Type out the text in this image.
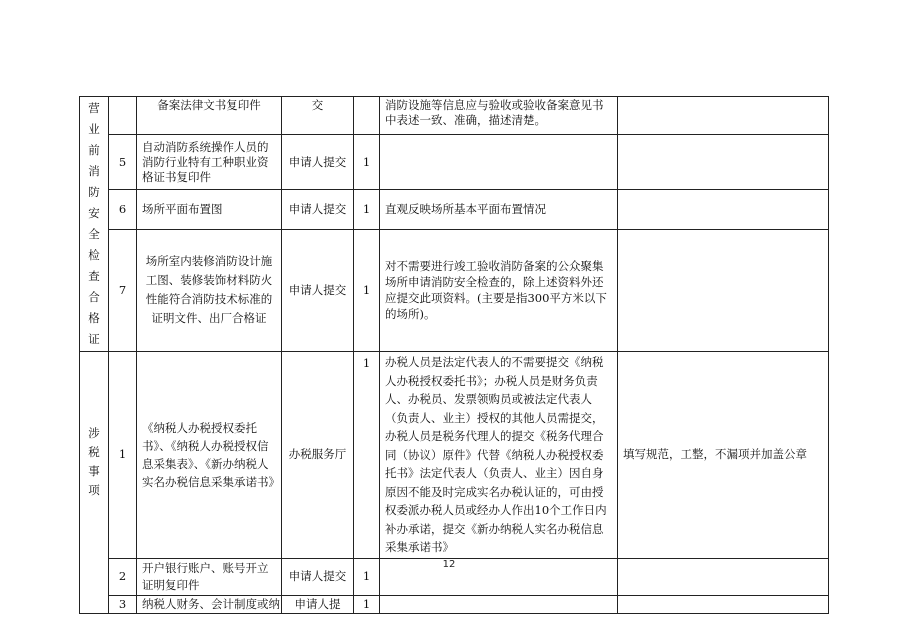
营业前消防安全检查合格证		备案法律文书复印件	交		消防设施等信息应与验收或验收备案意见书中表述一致、准确，描述清楚。	
	5	自动消防系统操作人员的消防行业特有工种职业资格证书复印件	申请人提交	1		
	6	场所平面布置图	申请人提交	1	直观反映场所基本平面布置情况	
	7	场所室内装修消防设计施工图、装修装饰材料防火性能符合消防技术标准的证明文件、出厂合格证	申请人提交	1	对不需要进行竣工验收消防备案的公众聚集场所申请消防安全检查的，除上述资料外还应提交此项资料。(主要是指300平方米以下的场所)。	

涉税事项	1	《纳税人办税授权委托书》、《纳税人办税授权信息采集表》、《新办纳税人实名办税信息采集承诺书》	办税服务厅	1	办税人员是法定代表人的不需要提交《纳税人办税授权委托书》；办税人员是财务负责人、办税员、发票领购员或被法定代表人（负责人、业主）授权的其他人员需提交，办税人员是税务代理人的提交《税务代理合同（协议）原件》代替《纳税人办税授权委托书》法定代表人（负责人、业主）因自身原因不能及时完成实名办税认证的，可由授权委派办税人员或经办人作出10个工作日内补办承诺，提交《新办纳税人实名办税信息采集承诺书》	填写规范，工整，不漏项并加盖公章
	2	开户银行账户、账号开立证明复印件	申请人提交	1		
	3	纳税人财务、会计制度或纳	申请人提	1		
12
